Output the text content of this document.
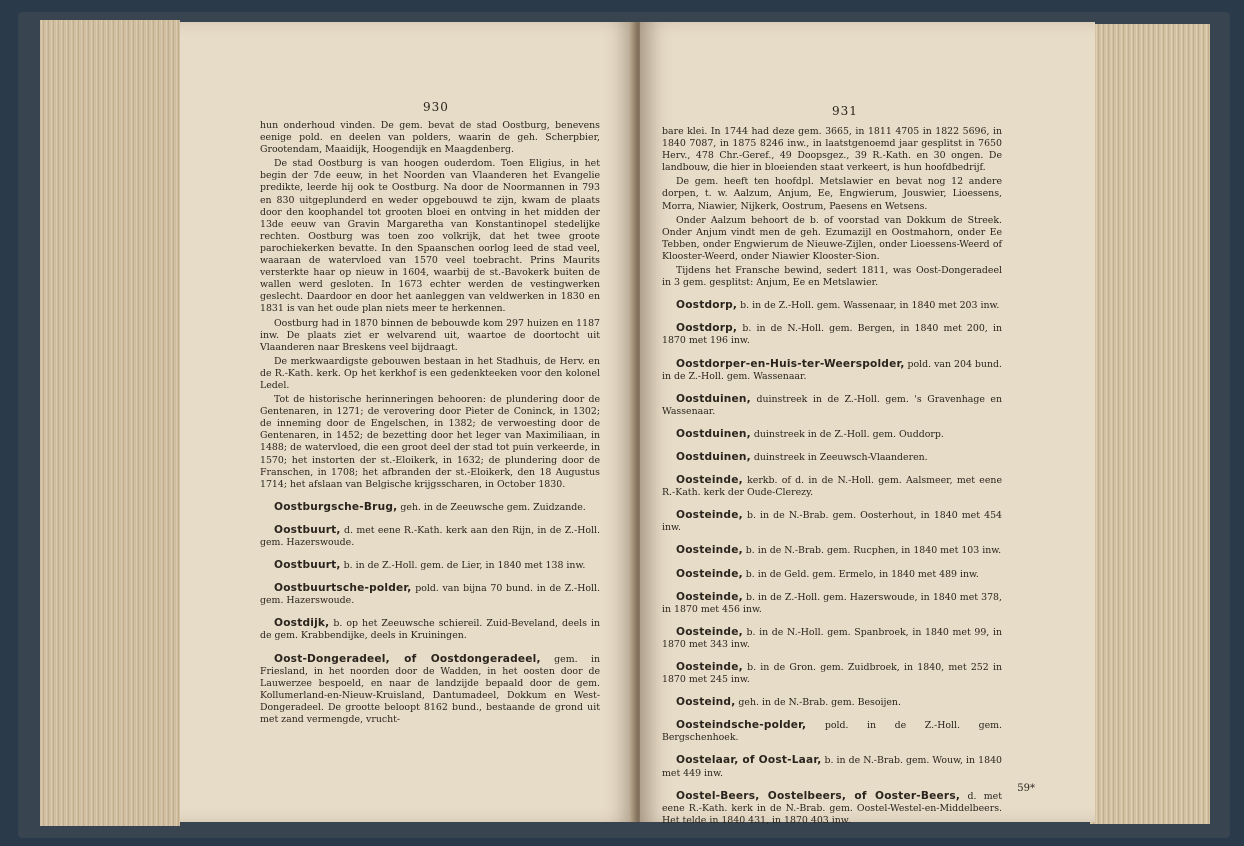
930

hun onderhoud vinden. De gem. bevat de stad Oostburg, benevens eenige pold. en deelen van polders, waarin de geh. Scherpbier, Grootendam, Maaidijk, Hoogendijk en Maagdenberg.

De stad Oostburg is van hoogen ouderdom. Toen Eligius, in het begin der 7de eeuw, in het Noorden van Vlaanderen het Evangelie predikte, leerde hij ook te Oostburg. Na door de Noormannen in 793 en 830 uitgeplunderd en weder opgebouwd te zijn, kwam de plaats door den koophandel tot grooten bloei en ontving in het midden der 13de eeuw van Gravin Margaretha van Konstantinopel stedelijke rechten. Oostburg was toen zoo volkrijk, dat het twee groote parochiekerken bevatte. In den Spaanschen oorlog leed de stad veel, waaraan de watervloed van 1570 veel toebracht. Prins Maurits versterkte haar op nieuw in 1604, waarbij de st.-Bavokerk buiten de wallen werd gesloten. In 1673 echter werden de vestingwerken geslecht. Daardoor en door het aanleggen van veldwerken in 1830 en 1831 is van het oude plan niets meer te herkennen.

Oostburg had in 1870 binnen de bebouwde kom 297 huizen en 1187 inw. De plaats ziet er welvarend uit, waartoe de doortocht uit Vlaanderen naar Breskens veel bijdraagt.

De merkwaardigste gebouwen bestaan in het Stadhuis, de Herv. en de R.-Kath. kerk. Op het kerkhof is een gedenkteeken voor den kolonel Ledel.

Tot de historische herinneringen behooren: de plundering door de Gentenaren, in 1271; de verovering door Pieter de Coninck, in 1302; de inneming door de Engelschen, in 1382; de verwoesting door de Gentenaren, in 1452; de bezetting door het leger van Maximiliaan, in 1488; de watervloed, die een groot deel der stad tot puin verkeerde, in 1570; het instorten der st.-Eloikerk, in 1632; de plundering door de Franschen, in 1708; het afbranden der st.-Eloikerk, den 18 Augustus 1714; het afslaan van Belgische krijgsscharen, in October 1830.

Oostburgsche-Brug, geh. in de Zeeuwsche gem. Zuidzande.

Oostbuurt, d. met eene R.-Kath. kerk aan den Rijn, in de Z.-Holl. gem. Hazerswoude.

Oostbuurt, b. in de Z.-Holl. gem. de Lier, in 1840 met 138 inw.

Oostbuurtsche-polder, pold. van bijna 70 bund. in de Z.-Holl. gem. Hazerswoude.

Oostdijk, b. op het Zeeuwsche schiereil. Zuid-Beveland, deels in de gem. Krabbendijke, deels in Kruiningen.

Oost-Dongeradeel, of Oostdongeradeel, gem. in Friesland, in het noorden door de Wadden, in het oosten door de Lauwerzee bespoeld, en naar de landzijde bepaald door de gem. Kollumerland-en-Nieuw-Kruisland, Dantumadeel, Dokkum en West-Dongeradeel. De grootte beloopt 8162 bund., bestaande de grond uit met zand vermengde, vrucht-

931

bare klei. In 1744 had deze gem. 3665, in 1811 4705 in 1822 5696, in 1840 7087, in 1875 8246 inw., in laatstgenoemd jaar gesplitst in 7650 Herv., 478 Chr.-Geref., 49 Doopsgez., 39 R.-Kath. en 30 ongen. De landbouw, die hier in bloeienden staat verkeert, is hun hoofdbedrijf.

De gem. heeft ten hoofdpl. Metslawier en bevat nog 12 andere dorpen, t. w. Aalzum, Anjum, Ee, Engwierum, Jouswier, Lioessens, Morra, Niawier, Nijkerk, Oostrum, Paesens en Wetsens.

Onder Aalzum behoort de b. of voorstad van Dokkum de Streek. Onder Anjum vindt men de geh. Ezumazijl en Oostmahorn, onder Ee Tebben, onder Engwierum de Nieuwe-Zijlen, onder Lioessens-Weerd of Klooster-Weerd, onder Niawier Klooster-Sion.

Tijdens het Fransche bewind, sedert 1811, was Oost-Dongeradeel in 3 gem. gesplitst: Anjum, Ee en Metslawier.

Oostdorp, b. in de Z.-Holl. gem. Wassenaar, in 1840 met 203 inw.

Oostdorp, b. in de N.-Holl. gem. Bergen, in 1840 met 200, in 1870 met 196 inw.

Oostdorper-en-Huis-ter-Weerspolder, pold. van 204 bund. in de Z.-Holl. gem. Wassenaar.

Oostduinen, duinstreek in de Z.-Holl. gem. 's Gravenhage en Wassenaar.

Oostduinen, duinstreek in de Z.-Holl. gem. Ouddorp.

Oostduinen, duinstreek in Zeeuwsch-Vlaanderen.

Oosteinde, kerkb. of d. in de N.-Holl. gem. Aalsmeer, met eene R.-Kath. kerk der Oude-Clerezy.

Oosteinde, b. in de N.-Brab. gem. Oosterhout, in 1840 met 454 inw.

Oosteinde, b. in de N.-Brab. gem. Rucphen, in 1840 met 103 inw.

Oosteinde, b. in de Geld. gem. Ermelo, in 1840 met 489 inw.

Oosteinde, b. in de Z.-Holl. gem. Hazerswoude, in 1840 met 378, in 1870 met 456 inw.

Oosteinde, b. in de N.-Holl. gem. Spanbroek, in 1840 met 99, in 1870 met 343 inw.

Oosteinde, b. in de Gron. gem. Zuidbroek, in 1840, met 252 in 1870 met 245 inw.

Oosteind, geh. in de N.-Brab. gem. Besoijen.

Oosteindsche-polder, pold. in de Z.-Holl. gem. Bergschenhoek.

Oostelaar, of Oost-Laar, b. in de N.-Brab. gem. Wouw, in 1840 met 449 inw.

Oostel-Beers, Oostelbeers, of Ooster-Beers, d. met eene R.-Kath. kerk in de N.-Brab. gem. Oostel-Westel-en-Middelbeers. Het telde in 1840 431, in 1870 403 inw.

59*
